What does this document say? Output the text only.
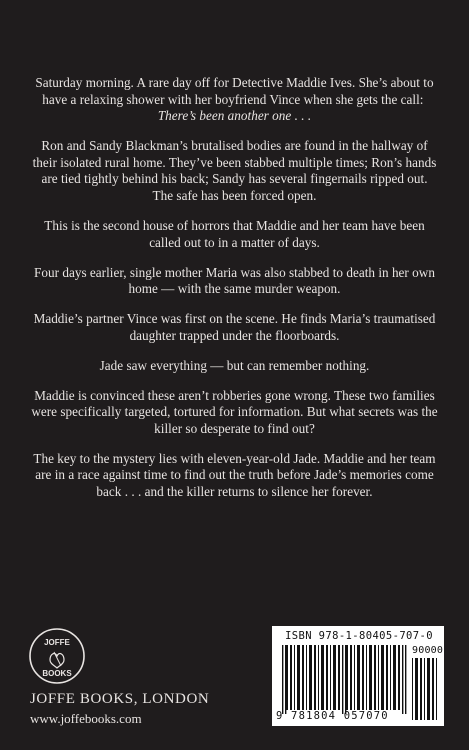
Saturday morning. A rare day off for Detective Maddie Ives. She’s about to have a relaxing shower with her boyfriend Vince when she gets the call:  There’s been another one . . .

Ron and Sandy Blackman’s brutalised bodies are found in the hallway of their isolated rural home. They’ve been stabbed multiple times; Ron’s hands are tied tightly behind his back; Sandy has several fingernails ripped out. The safe has been forced open.

This is the second house of horrors that Maddie and her team have been called out to in a matter of days.

Four days earlier, single mother Maria was also stabbed to death in her own home — with the same murder weapon.

Maddie’s partner Vince was first on the scene. He finds Maria’s traumatised daughter trapped under the floorboards.

Jade saw everything — but can remember nothing.

Maddie is convinced these aren’t robberies gone wrong. These two families were specifically targeted, tortured for information. But what secrets was the killer so desperate to find out?

The key to the mystery lies with eleven-year-old Jade. Maddie and her team are in a race against time to find out the truth before Jade’s memories come back . . . and the killer returns to silence her forever.

JOFFE
BOOKS
JOFFE BOOKS, LONDON
www.joffebooks.com
ISBN 978-1-80405-707-0
90000
9 781804 057070
